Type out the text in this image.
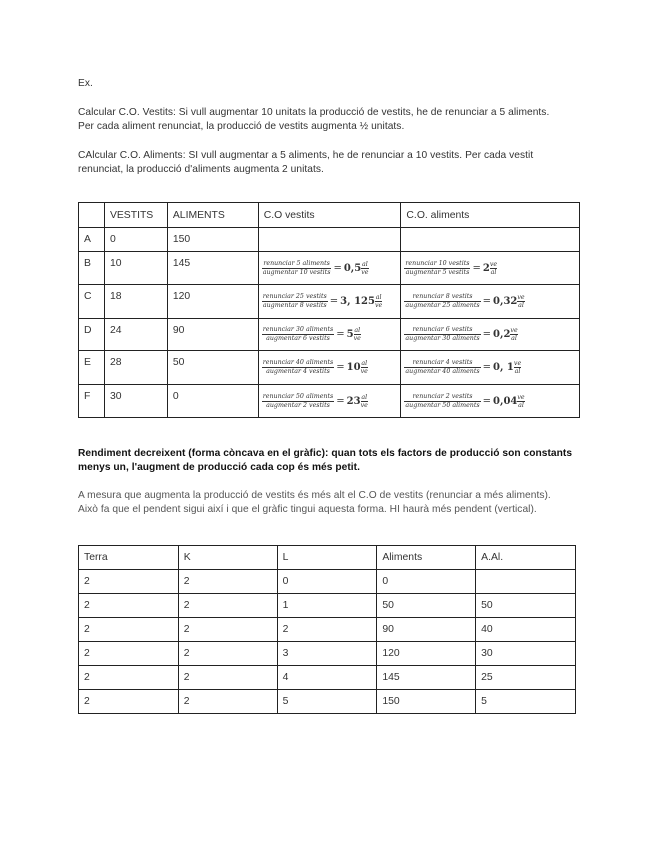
Ex.
Calcular C.O. Vestits: Si vull augmentar 10 unitats la producció de vestits, he de renunciar a 5 aliments.
Per cada aliment renunciat, la producció de vestits augmenta ½ unitats.
CAlcular C.O. Aliments: SI vull augmentar a 5 aliments, he de renunciar a 10 vestits. Per cada vestit
renunciat, la producció d'aliments augmenta 2 unitats.
	VESTITS	ALIMENTS	C.O vestits	C.O. aliments
A	0	150		
B	10	145	$\frac{\text{renunciar 5 aliments}}{\text{augmentar 10 vestits}} = 0,5 \frac{al}{ve}$	$\frac{\text{renunciar 10 vestits}}{\text{augmentar 5 vestits}} = 2 \frac{ve}{al}$

C	18	120	$\frac{\text{renunciar 25 vestits}}{\text{augmentar 8 vestits}} = 3$, $125 \frac{al}{ve}$	$\frac{\text{renunciar 8 vestits}}{\text{augmentar 25 aliments}} = 0,32 \frac{ve}{al}$

D	24	90	$\frac{\text{renunciar 30 aliments}}{\text{augmentar 6 vestits}} = 5 \frac{al}{ve}$	$\frac{\text{renunciar 6 vestits}}{\text{augmentar 30 aliments}} = 0,2 \frac{ve}{al}$

E	28	50	$\frac{\text{renunciar 40 aliments}}{\text{augmentar 4 vestits}} = 10 \frac{al}{ve}$	$\frac{\text{renunciar 4 vestits}}{\text{augmentar 40 aliments}} = 0$, $1 \frac{ve}{al}$

F	30	0	$\frac{\text{renunciar 50 aliments}}{\text{augmentar 2 vestits}} = 23 \frac{al}{ve}$	$\frac{\text{renunciar 2 vestits}}{\text{augmentar 50 aliments}} = 0,04 \frac{ve}{al}$
Rendiment decreixent (forma còncava en el gràfic): quan tots els factors de producció son constants
menys un, l'augment de producció cada cop és més petit.
A mesura que augmenta la producció de vestits és més alt el C.O de vestits (renunciar a més aliments).
Això fa que el pendent sigui així i que el gràfic tingui aquesta forma. HI haurà més pendent (vertical).
Terra	K	L	Aliments	A.Al.
2	2	0	0	
2	2	1	50	50
2	2	2	90	40
2	2	3	120	30
2	2	4	145	25
2	2	5	150	5
